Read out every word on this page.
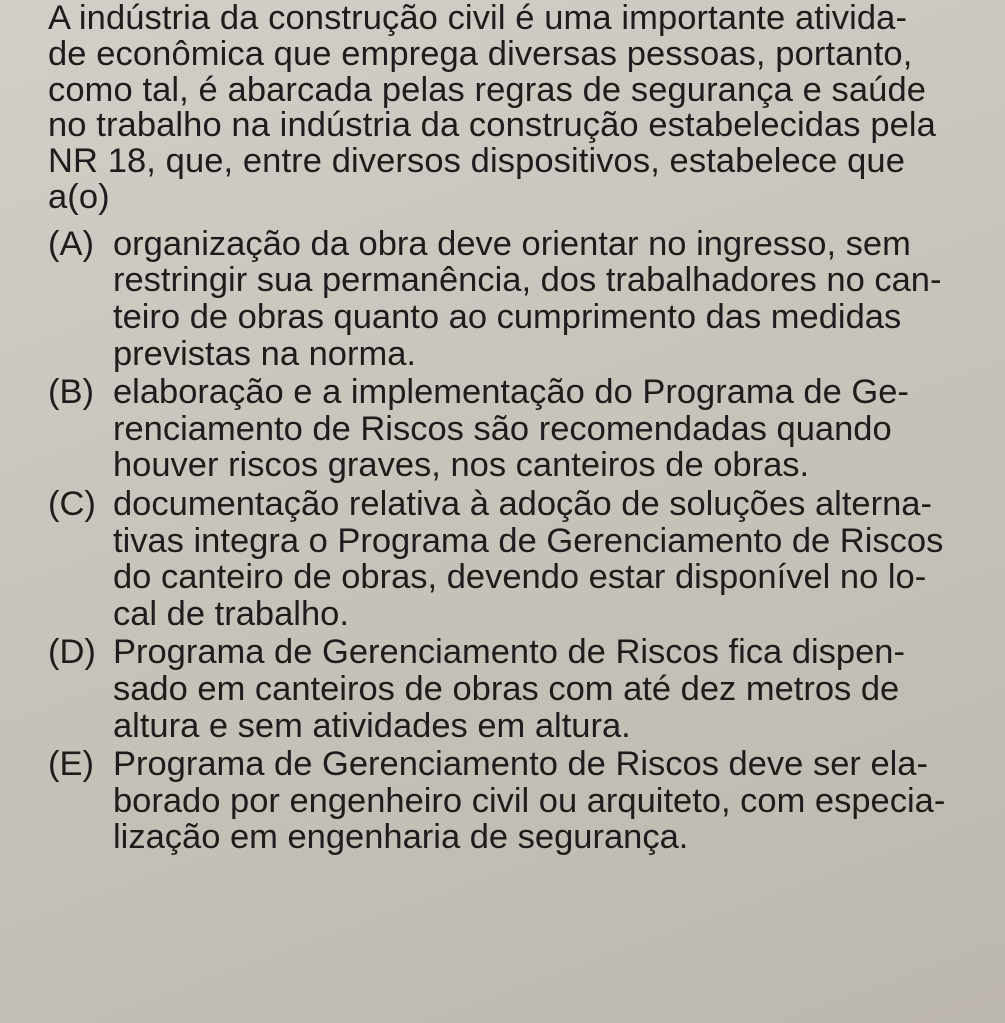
A indústria da construção civil é uma importante ativida-
de econômica que emprega diversas pessoas, portanto,
como tal, é abarcada pelas regras de segurança e saúde
no trabalho na indústria da construção estabelecidas pela
NR 18, que, entre diversos dispositivos, estabelece que
a(o)
(A) organização da obra deve orientar no ingresso, sem
restringir sua permanência, dos trabalhadores no can-
teiro de obras quanto ao cumprimento das medidas
previstas na norma.
(B) elaboração e a implementação do Programa de Ge-
renciamento de Riscos são recomendadas quando
houver riscos graves, nos canteiros de obras.
(C) documentação relativa à adoção de soluções alterna-
tivas integra o Programa de Gerenciamento de Riscos
do canteiro de obras, devendo estar disponível no lo-
cal de trabalho.
(D) Programa de Gerenciamento de Riscos fica dispen-
sado em canteiros de obras com até dez metros de
altura e sem atividades em altura.
(E) Programa de Gerenciamento de Riscos deve ser ela-
borado por engenheiro civil ou arquiteto, com especia-
lização em engenharia de segurança.
